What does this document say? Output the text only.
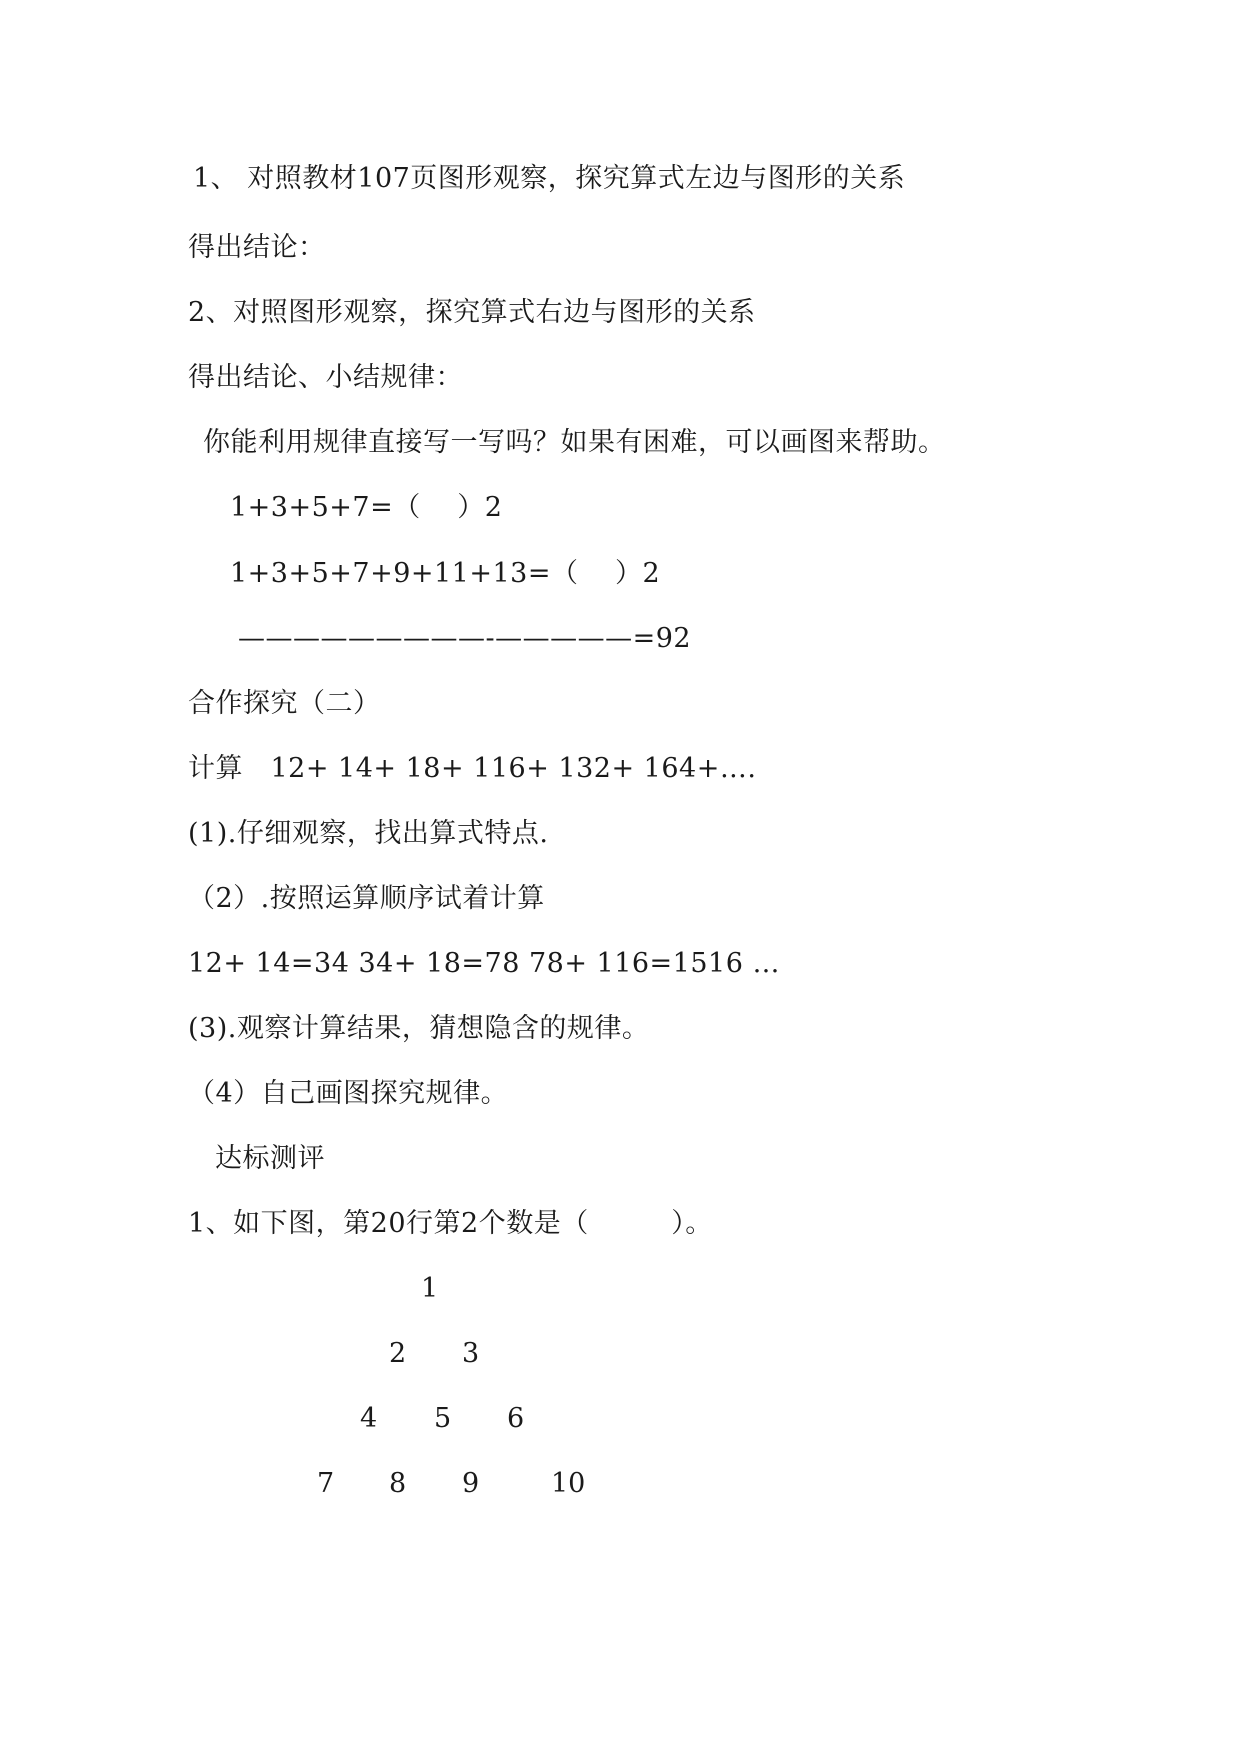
1、 对照教材107页图形观察，探究算式左边与图形的关系
得出结论：
2、对照图形观察，探究算式右边与图形的关系
得出结论、小结规律：
你能利用规律直接写一写吗？如果有困难，可以画图来帮助。
1+3+5+7=（　 ）2
1+3+5+7+9+11+13=（　 ）2
—————————-—————=92
合作探究（二）
计算　12+ 14+ 18+ 116+ 132+ 164+….
(1).仔细观察，找出算式特点.
（2）.按照运算顺序试着计算
12+ 14=34 34+ 18=78 78+ 116=1516 …
(3).观察计算结果，猜想隐含的规律。
（4）自己画图探究规律。
达标测评
1、如下图，第20行第2个数是（　　　）。
1
2 3
4 5 6
7 8 9	10
